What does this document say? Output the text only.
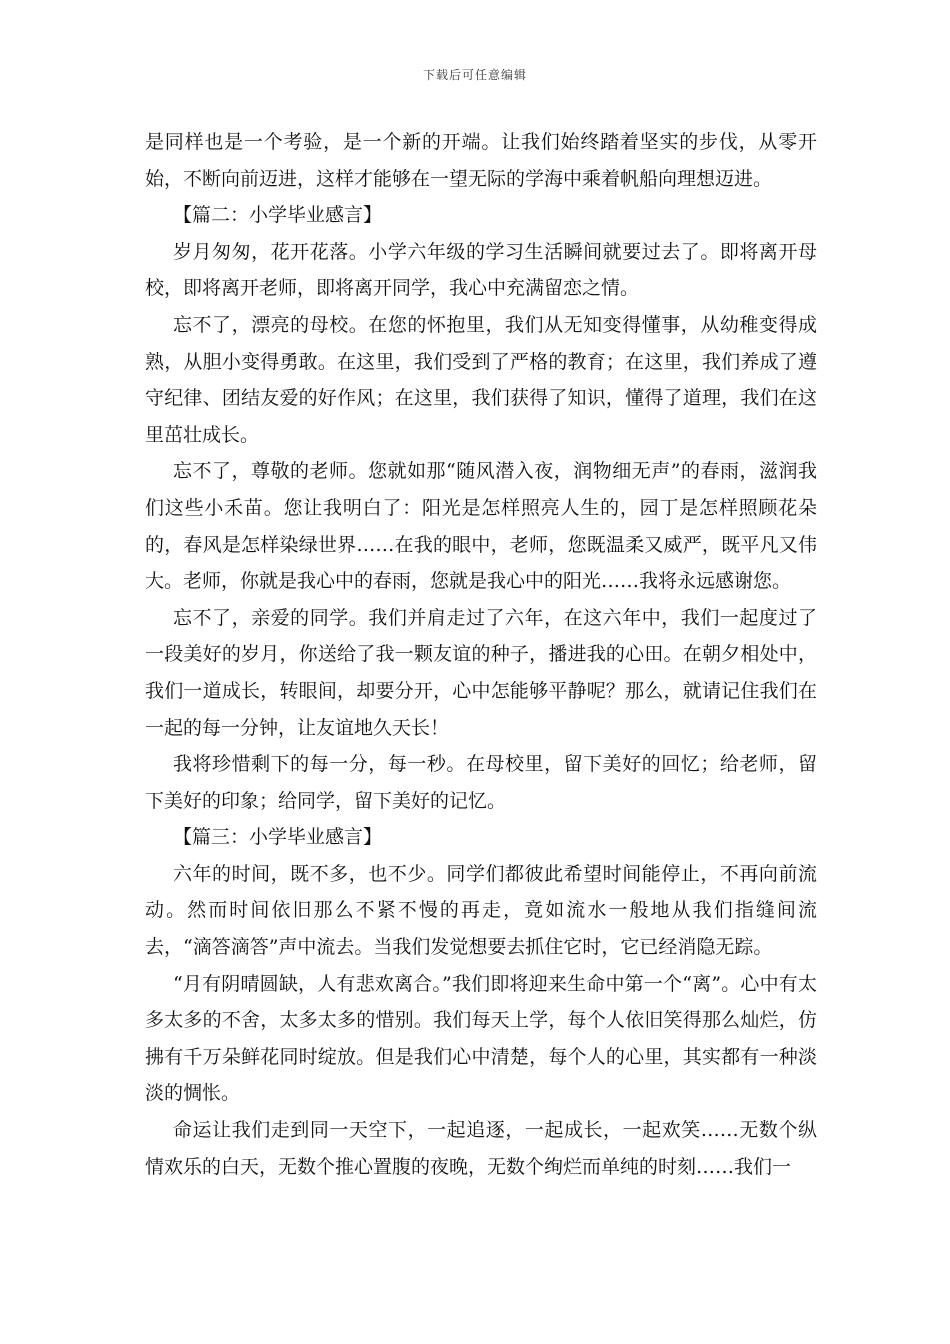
下载后可任意编辑

是同样也是一个考验，是一个新的开端。让我们始终踏着坚实的步伐，从零开始，不断向前迈进，这样才能够在一望无际的学海中乘着帆船向理想迈进。

【篇二：小学毕业感言】

岁月匆匆，花开花落。小学六年级的学习生活瞬间就要过去了。即将离开母校，即将离开老师，即将离开同学，我心中充满留恋之情。

忘不了，漂亮的母校。在您的怀抱里，我们从无知变得懂事，从幼稚变得成熟，从胆小变得勇敢。在这里，我们受到了严格的教育；在这里，我们养成了遵守纪律、团结友爱的好作风；在这里，我们获得了知识，懂得了道理，我们在这里茁壮成长。

忘不了，尊敬的老师。您就如那“随风潜入夜，润物细无声”的春雨，滋润我们这些小禾苗。您让我明白了：阳光是怎样照亮人生的，园丁是怎样照顾花朵的，春风是怎样染绿世界……在我的眼中，老师，您既温柔又威严，既平凡又伟大。老师，你就是我心中的春雨，您就是我心中的阳光……我将永远感谢您。

忘不了，亲爱的同学。我们并肩走过了六年，在这六年中，我们一起度过了一段美好的岁月，你送给了我一颗友谊的种子，播进我的心田。在朝夕相处中，我们一道成长，转眼间，却要分开，心中怎能够平静呢？那么，就请记住我们在一起的每一分钟，让友谊地久天长！

我将珍惜剩下的每一分，每一秒。在母校里，留下美好的回忆；给老师，留下美好的印象；给同学，留下美好的记忆。

【篇三：小学毕业感言】

六年的时间，既不多，也不少。同学们都彼此希望时间能停止，不再向前流动。然而时间依旧那么不紧不慢的再走，竟如流水一般地从我们指缝间流去，“滴答滴答”声中流去。当我们发觉想要去抓住它时，它已经消隐无踪。

“月有阴晴圆缺，人有悲欢离合。”我们即将迎来生命中第一个“离”。心中有太多太多的不舍，太多太多的惜别。我们每天上学，每个人依旧笑得那么灿烂，仿拂有千万朵鲜花同时绽放。但是我们心中清楚，每个人的心里，其实都有一种淡淡的惆怅。

命运让我们走到同一天空下，一起追逐，一起成长，一起欢笑……无数个纵情欢乐的白天，无数个推心置腹的夜晚，无数个绚烂而单纯的时刻……我们一
